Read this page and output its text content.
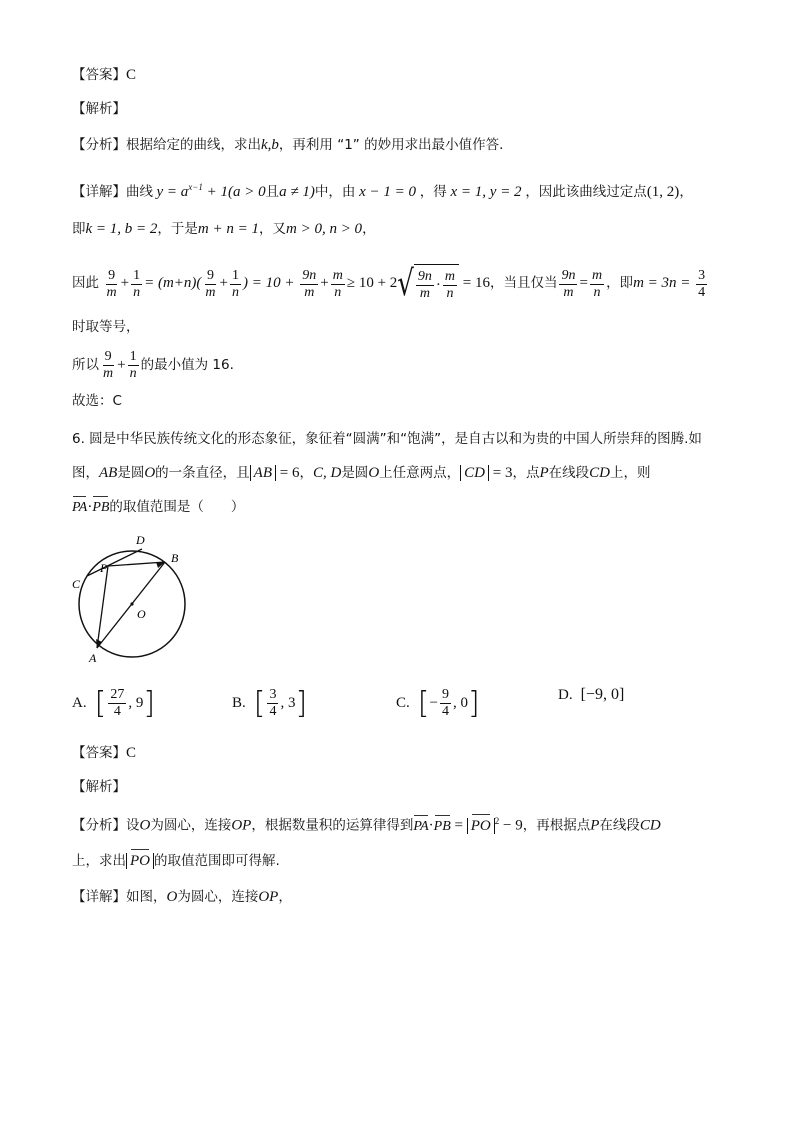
【答案】C
【解析】
【分析】根据给定的曲线，求出k,b，再利用 “1” 的妙用求出最小值作答.
【详解】曲线 $y = a^{x-1} + 1(a > 0$且a ≠ 1)中，由 x − 1 = 0 ，得 x = 1, y = 2 ，因此该曲线过定点(1, 2)，
即k = 1, b = 2，于是m + n = 1，又m > 0, n > 0，
因此 $\frac{9}{m} + \frac{1}{n} = (m+n)( \frac{9}{m} + \frac{1}{n}$ ) = $10 + \frac{9n}{m} + \frac{m}{n} \ge 10 + 2$ √ $\frac{9n}{m} \cdot \frac{m}{n} = 16$，当且仅当 $\frac{9n}{m} = \frac{m}{n}$ ，即$m = 3n = \frac{3}{4}$
时取等号，
所以 $\frac{9}{m} + \frac{1}{n}$ 的最小值为 16.
故选：C
6. 圆是中华民族传统文化的形态象征，象征着“圆满”和“饱满”，是自古以和为贵的中国人所崇拜的图腾.如
图，AB是圆O的一条直径，且 AB = 6，C, D是圆O上任意两点， CD = 3，点P在线段CD上，则
PA·PB的取值范围是（　　）
D
B
C
P
O
A
A. [ $\frac{27}{4}$ , 9 ]	B. [ $\frac{3}{4}$ , 3 ]	C. [ − $\frac{9}{4}$ , 0 ]	D. [−9, 0]
【答案】C
【解析】
【分析】设O为圆心，连接OP，根据数量积的运算律得到PA·PB = PO $^2$ − 9，再根据点P在线段CD
上，求出 PO 的取值范围即可得解.
【详解】如图，O为圆心，连接OP，
